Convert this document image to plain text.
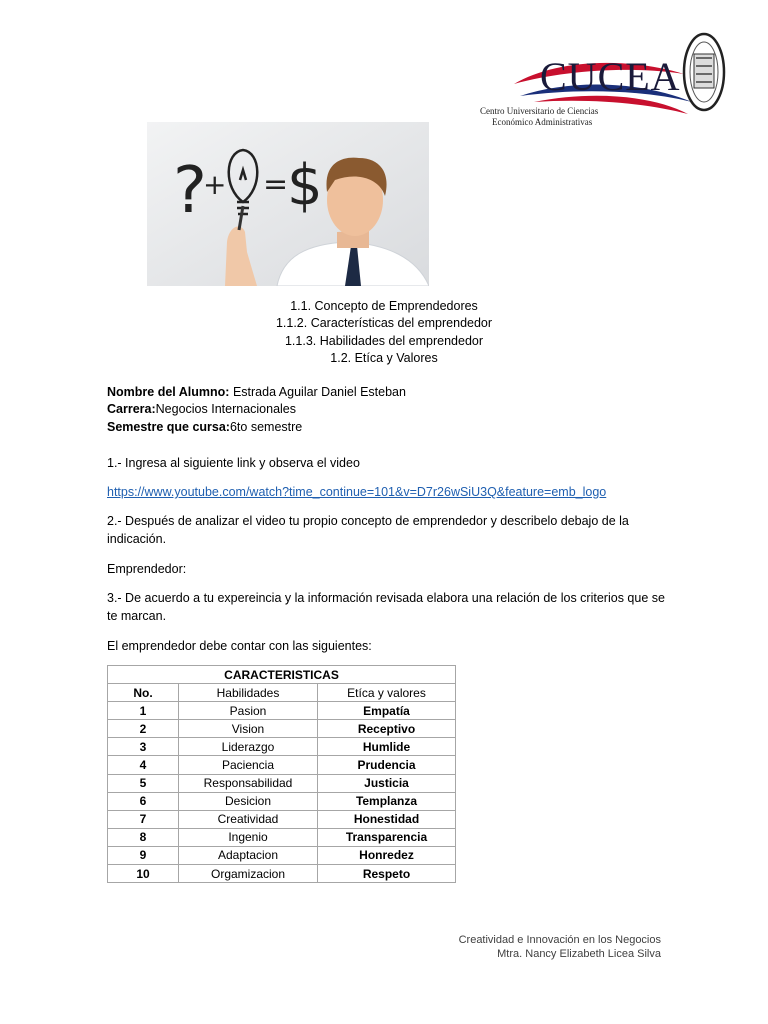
CUCEA
Centro Universitario de Ciencias
Económico Administrativas
?
+ =
$
1.1. Concepto de Emprendedores
1.1.2. Características del emprendedor
1.1.3. Habilidades del emprendedor
1.2. Etíca y Valores
Nombre del Alumno: Estrada Aguilar Daniel Esteban
Carrera:Negocios Internacionales
Semestre que cursa:6to semestre
1.- Ingresa al siguiente link y observa el video
https://www.youtube.com/watch?time_continue=101&v=D7r26wSiU3Q&feature=emb_logo
2.- Después de analizar el video tu propio concepto de emprendedor y describelo debajo de la indicación.
Emprendedor:
3.- De acuerdo a tu expereincia y la información revisada elabora una relación de los criterios que se te marcan.
El emprendedor debe contar con las siguientes:
CARACTERISTICAS		
No.	Habilidades	Etíca y valores
1	Pasion	Empatía
2	Vision	Receptivo
3	Liderazgo	Humlide
4	Paciencia	Prudencia
5	Responsabilidad	Justicia
6	Desicion	Templanza
7	Creatividad	Honestidad
8	Ingenio	Transparencia
9	Adaptacion	Honredez
10	Orgamizacion	Respeto
Creatividad e Innovación en los Negocios
Mtra. Nancy Elizabeth Licea Silva
